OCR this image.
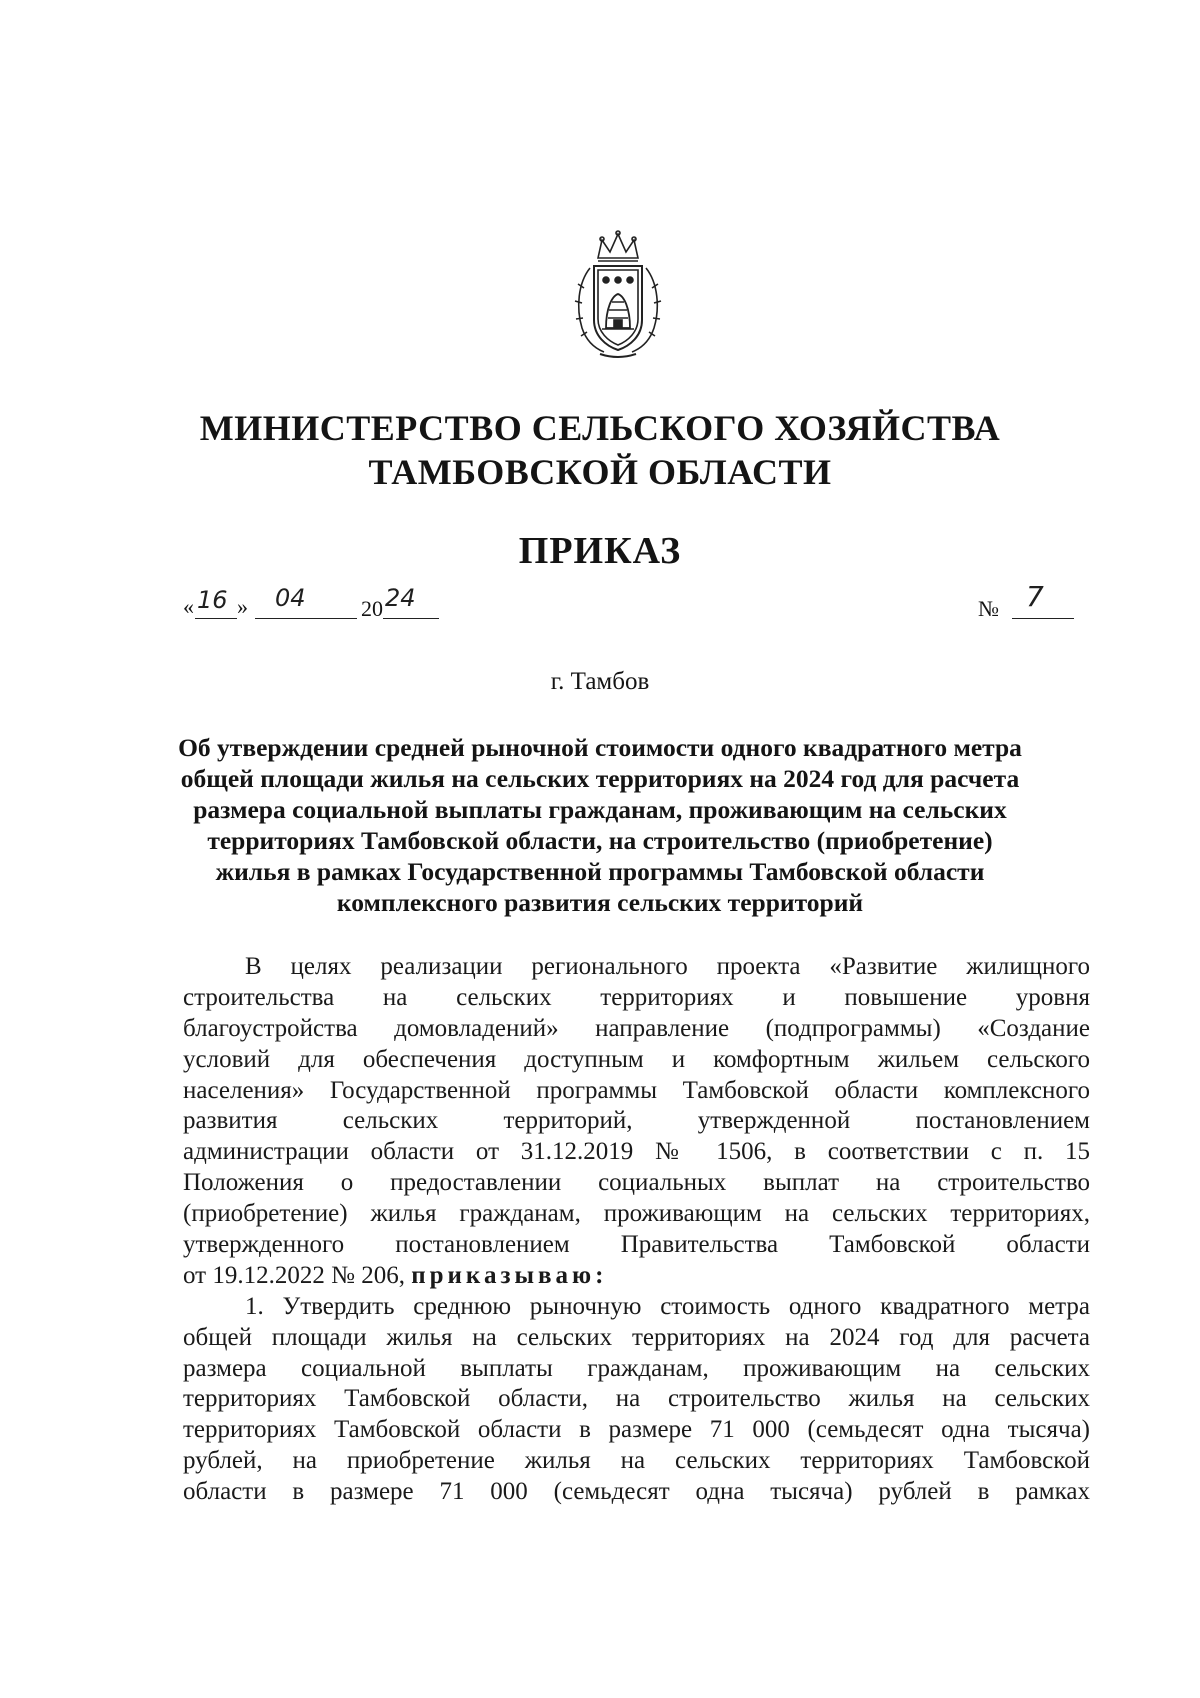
МИНИСТЕРСТВО СЕЛЬСКОГО ХОЗЯЙСТВА
ТАМБОВСКОЙ ОБЛАСТИ
ПРИКАЗ
« 16 » 04	20 24	№ 7
г. Тамбов
Об утверждении средней рыночной стоимости одного квадратного метра
общей площади жилья на сельских территориях на 2024 год для расчета
размера социальной выплаты гражданам, проживающим на сельских
территориях Тамбовской области, на строительство (приобретение)
жилья в рамках Государственной программы Тамбовской области
комплексного развития сельских территорий
В целях реализации регионального проекта «Развитие жилищного
строительства на сельских территориях и повышение уровня
благоустройства домовладений» направление (подпрограммы) «Создание
условий для обеспечения доступным и комфортным жильем сельского
населения» Государственной программы Тамбовской области комплексного
развития сельских территорий, утвержденной постановлением
администрации области от 31.12.2019 № 1506, в соответствии с п. 15
Положения о предоставлении социальных выплат на строительство
(приобретение) жилья гражданам, проживающим на сельских территориях,
утвержденного постановлением Правительства Тамбовской области
от 19.12.2022 № 206, приказываю:
1. Утвердить среднюю рыночную стоимость одного квадратного метра
общей площади жилья на сельских территориях на 2024 год для расчета
размера социальной выплаты гражданам, проживающим на сельских
территориях Тамбовской области, на строительство жилья на сельских
территориях Тамбовской области в размере 71 000 (семьдесят одна тысяча)
рублей, на приобретение жилья на сельских территориях Тамбовской
области в размере 71 000 (семьдесят одна тысяча) рублей в рамках
